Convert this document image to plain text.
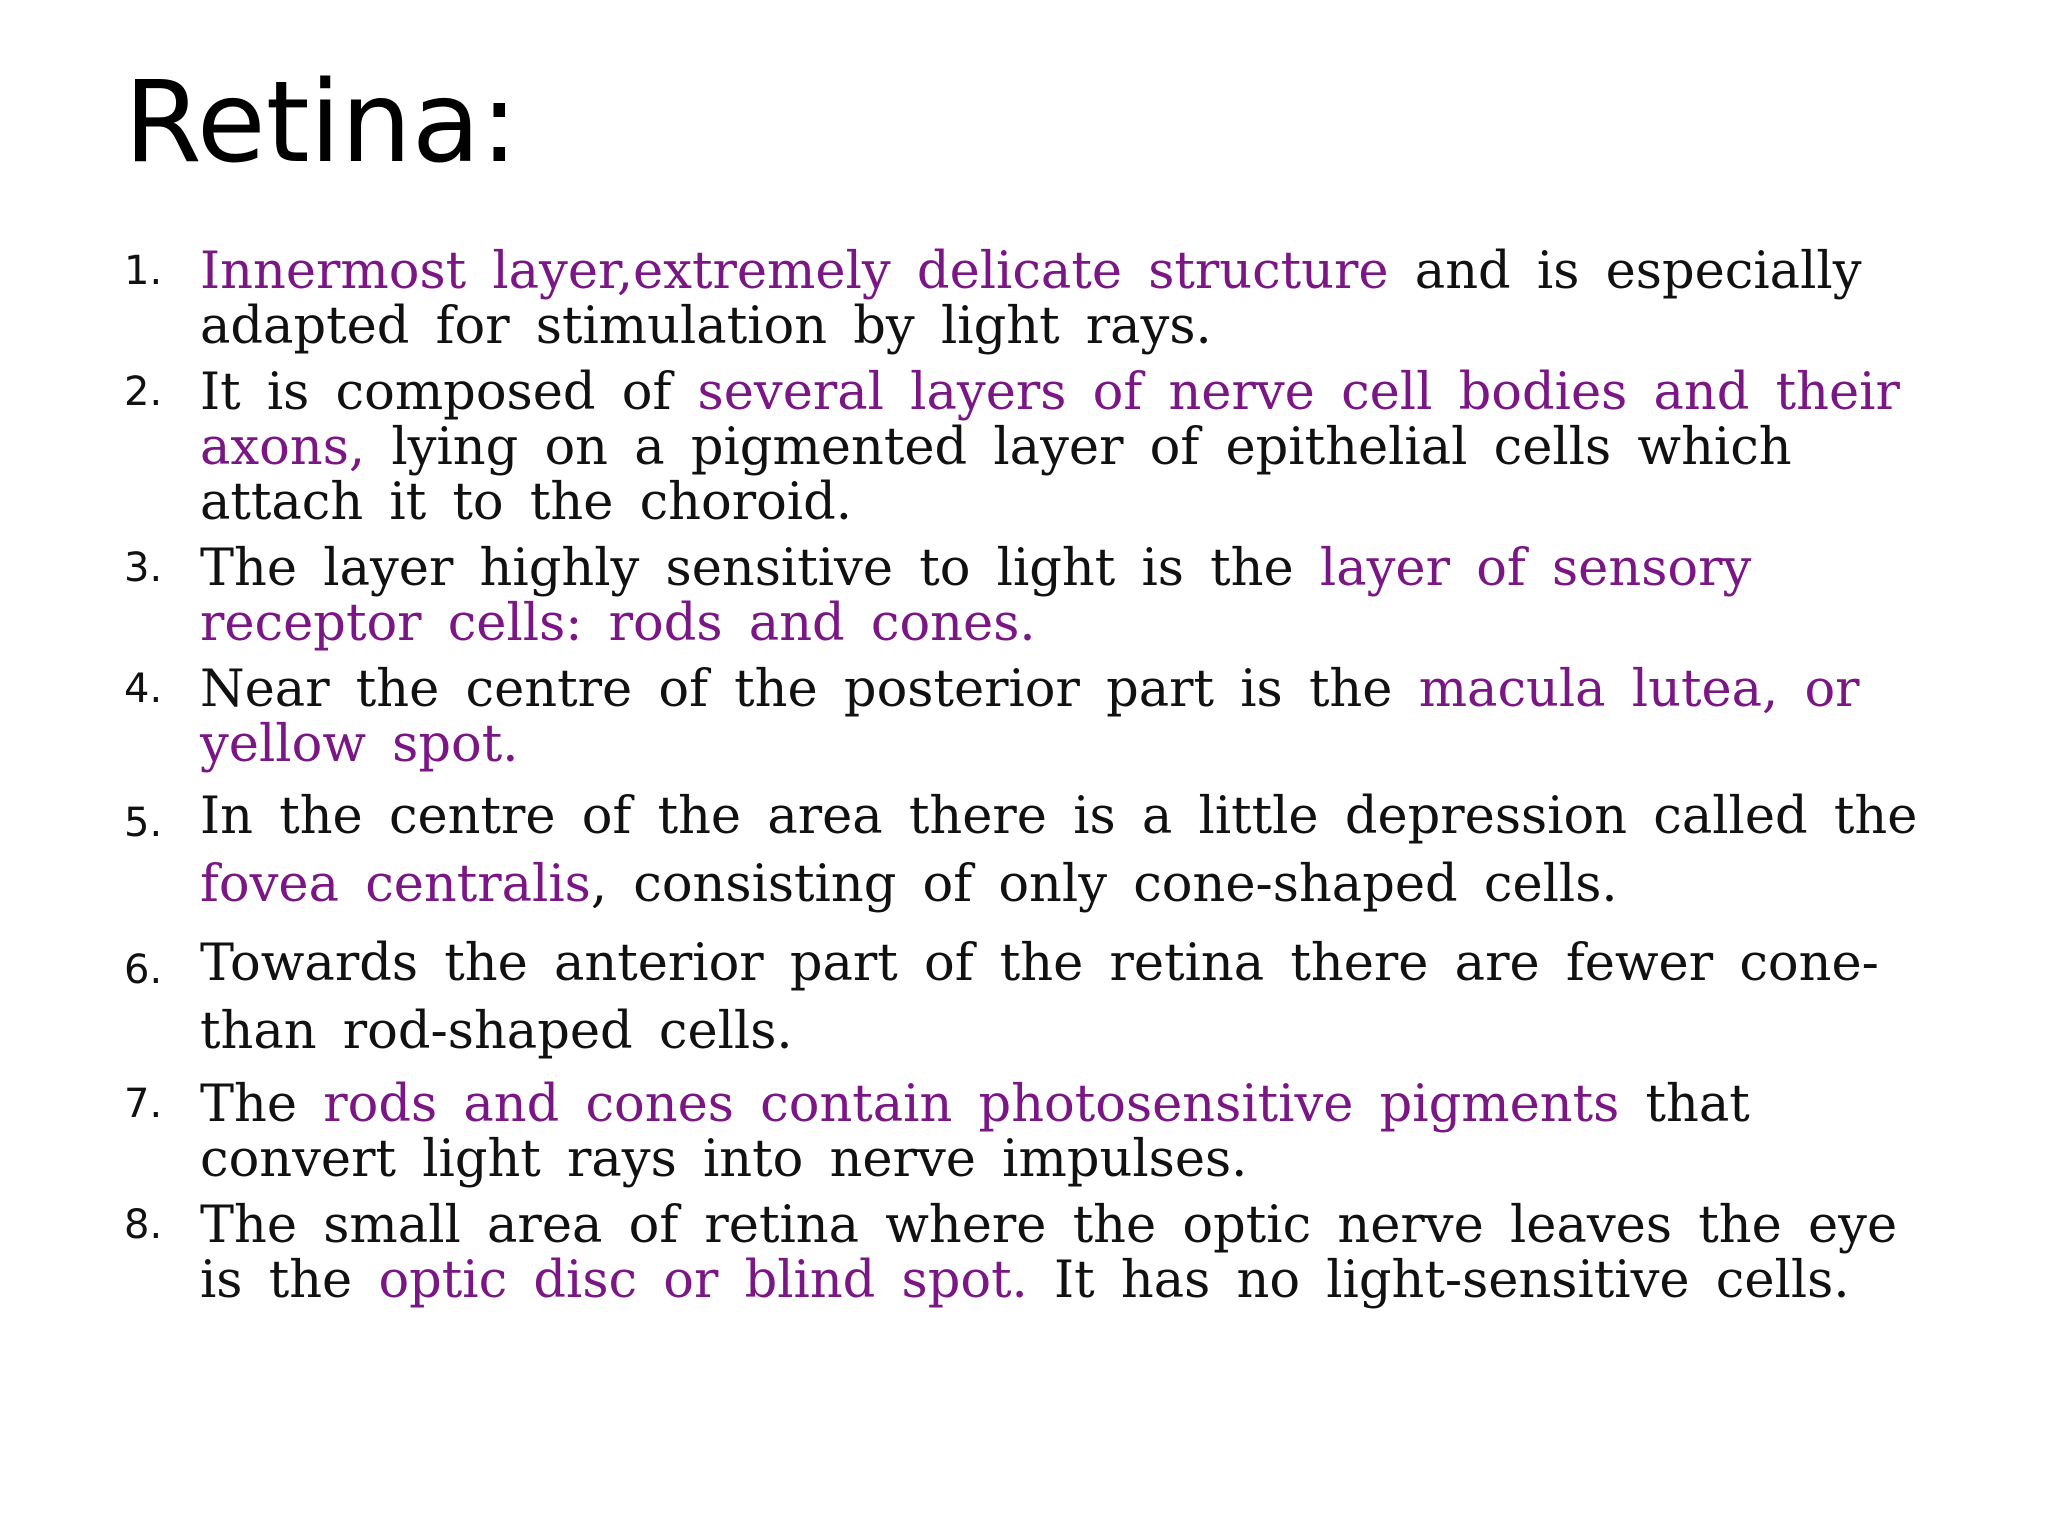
Retina:
1. Innermost layer,extremely delicate structure and is especially adapted for stimulation by light rays.
2. It is composed of several layers of nerve cell bodies and their axons, lying on a pigmented layer of epithelial cells which attach it to the choroid.
3. The layer highly sensitive to light is the layer of sensory receptor cells: rods and cones.
4. Near the centre of the posterior part is the macula lutea, or yellow spot.
5. In the centre of the area there is a little depression called the fovea centralis, consisting of only cone-shaped cells.
6. Towards the anterior part of the retina there are fewer cone- than rod-shaped cells.
7. The rods and cones contain photosensitive pigments that convert light rays into nerve impulses.
8. The small area of retina where the optic nerve leaves the eye is the optic disc or blind spot. It has no light-sensitive cells.
